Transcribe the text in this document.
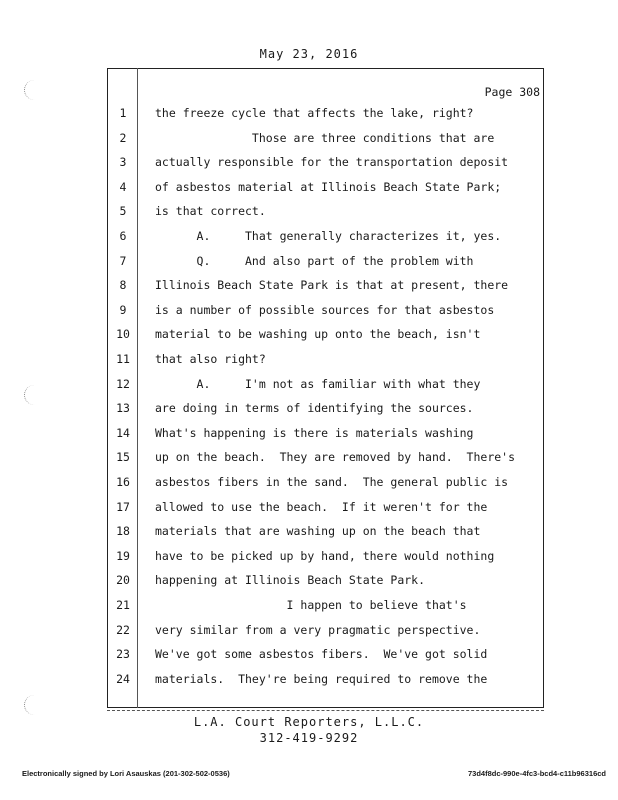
May 23, 2016
Page 308
1	the freeze cycle that affects the lake, right?
2	Those are three conditions that are
3	actually responsible for the transportation deposit
4	of asbestos material at Illinois Beach State Park;
5	is that correct.
6	A.     That generally characterizes it, yes.
7	Q.     And also part of the problem with
8	Illinois Beach State Park is that at present, there
9	is a number of possible sources for that asbestos
10	material to be washing up onto the beach, isn't
11	that also right?
12	A.     I'm not as familiar with what they
13	are doing in terms of identifying the sources.
14	What's happening is there is materials washing
15	up on the beach.  They are removed by hand.  There's
16	asbestos fibers in the sand.  The general public is
17	allowed to use the beach.  If it weren't for the
18	materials that are washing up on the beach that
19	have to be picked up by hand, there would nothing
20	happening at Illinois Beach State Park.
21	I happen to believe that's
22	very similar from a very pragmatic perspective.
23	We've got some asbestos fibers.  We've got solid
24	materials.  They're being required to remove the
L.A. Court Reporters, L.L.C.
312-419-9292
Electronically signed by Lori Asauskas (201-302-502-0536)	73d4f8dc-990e-4fc3-bcd4-c11b96316cd
